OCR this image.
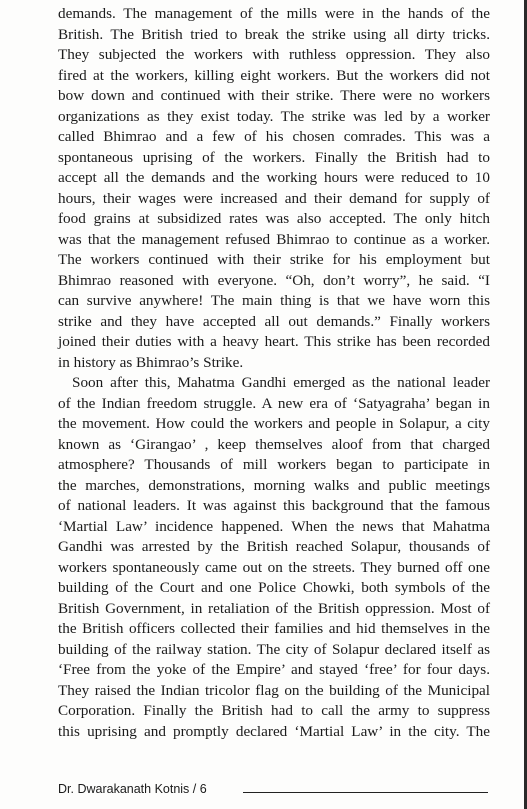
demands. The management of the mills were in the hands of the
British. The British tried to break the strike using all dirty tricks.
They subjected the workers with ruthless oppression. They also
fired at the workers, killing eight workers. But the workers did not
bow down and continued with their strike. There were no workers
organizations as they exist today. The strike was led by a worker
called Bhimrao and a few of his chosen comrades. This was a
spontaneous uprising of the workers. Finally the British had to
accept all the demands and the working hours were reduced to 10
hours, their wages were increased and their demand for supply of
food grains at subsidized rates was also accepted. The only hitch
was that the management refused Bhimrao to continue as a worker.
The workers continued with their strike for his employment but
Bhimrao reasoned with everyone. “Oh, don’t worry”, he said. “I
can survive anywhere! The main thing is that we have worn this
strike and they have accepted all out demands.” Finally workers
joined their duties with a heavy heart. This strike has been recorded
in history as Bhimrao’s Strike.
Soon after this, Mahatma Gandhi emerged as the national leader
of the Indian freedom struggle. A new era of ‘Satyagraha’ began in
the movement. How could the workers and people in Solapur, a city
known as ‘Girangao’ , keep themselves aloof from that charged
atmosphere? Thousands of mill workers began to participate in
the marches, demonstrations, morning walks and public meetings
of national leaders. It was against this background that the famous
‘Martial Law’ incidence happened. When the news that Mahatma
Gandhi was arrested by the British reached Solapur, thousands of
workers spontaneously came out on the streets. They burned off one
building of the Court and one Police Chowki, both symbols of the
British Government, in retaliation of the British oppression. Most of
the British officers collected their families and hid themselves in the
building of the railway station. The city of Solapur declared itself as
‘Free from the yoke of the Empire’ and stayed ‘free’ for four days.
They raised the Indian tricolor flag on the building of the Municipal
Corporation. Finally the British had to call the army to suppress
this uprising and promptly declared ‘Martial Law’ in the city. The
Dr. Dwarakanath Kotnis / 6
